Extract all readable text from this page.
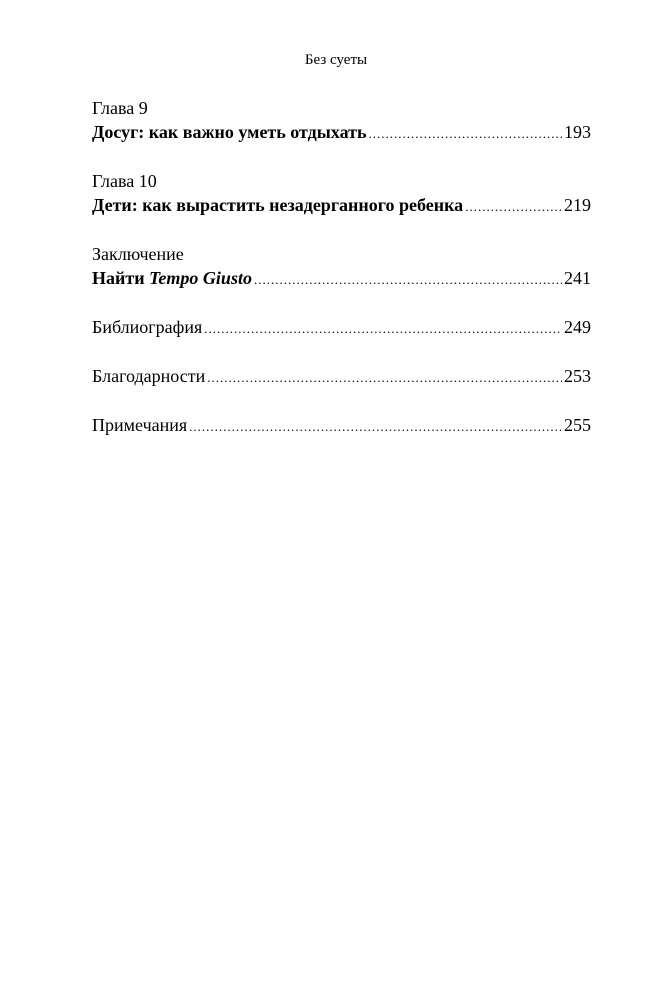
Без суеты
Глава 9
Досуг: как важно уметь отдыхать .....	193
Глава 10
Дети: как вырастить незадерганного ребенка .....	219
Заключение
Найти Tempo Giusto .....	241
Библиография .....	249
Благодарности .....	253
Примечания .....	255
